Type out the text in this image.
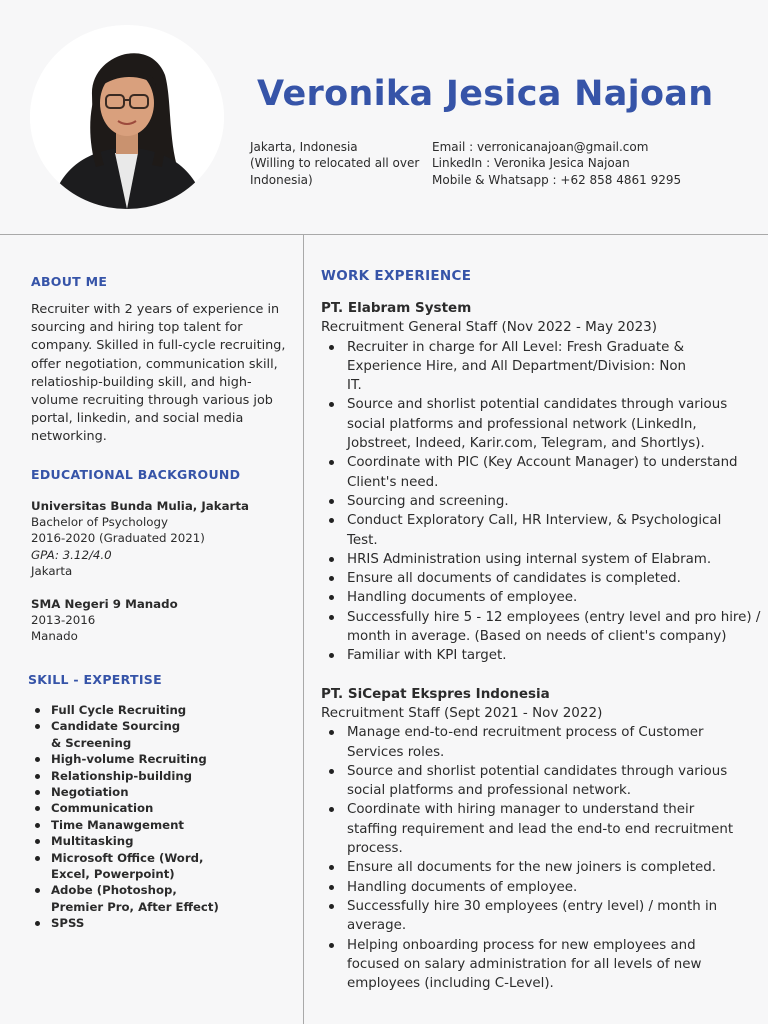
Veronika Jesica Najoan
Jakarta, Indonesia
(Willing to relocated all over
Indonesia)
Email : verronicanajoan@gmail.com
LinkedIn : Veronika Jesica Najoan
Mobile & Whatsapp : +62 858 4861 9295
ABOUT ME
Recruiter with 2 years of experience in sourcing and hiring top talent for company. Skilled in full-cycle recruiting, offer negotiation, communication skill, relatioship-building skill, and high-volume recruiting through various job portal, linkedin, and social media networking.
EDUCATIONAL BACKGROUND
Universitas Bunda Mulia, Jakarta
Bachelor of Psychology
2016-2020 (Graduated 2021)
GPA: 3.12/4.0
Jakarta
SMA Negeri 9 Manado
2013-2016
Manado
SKILL - EXPERTISE
Full Cycle Recruiting
Candidate Sourcing & Screening
High-volume Recruiting
Relationship-building
Negotiation
Communication
Time Manawgement
Multitasking
Microsoft Office (Word, Excel, Powerpoint)
Adobe (Photoshop, Premier Pro, After Effect)
SPSS
WORK EXPERIENCE
PT. Elabram System
Recruitment General Staff (Nov 2022 - May 2023)
Recruiter in charge for All Level: Fresh Graduate & Experience Hire, and All Department/Division: Non IT.
Source and shorlist potential candidates through various social platforms and professional network (LinkedIn, Jobstreet, Indeed, Karir.com, Telegram, and Shortlys).
Coordinate with PIC (Key Account Manager) to understand Client's need.
Sourcing and screening.
Conduct Exploratory Call, HR Interview, & Psychological Test.
HRIS Administration using internal system of Elabram.
Ensure all documents of candidates is completed.
Handling documents of employee.
Successfully hire 5 - 12 employees (entry level and pro hire) / month in average. (Based on needs of client's company)
Familiar with KPI target.
PT. SiCepat Ekspres Indonesia
Recruitment Staff (Sept 2021 - Nov 2022)
Manage end-to-end recruitment process of Customer Services roles.
Source and shorlist potential candidates through various social platforms and professional network.
Coordinate with hiring manager to understand their staffing requirement and lead the end-to end recruitment process.
Ensure all documents for the new joiners is completed.
Handling documents of employee.
Successfully hire 30 employees (entry level) / month in average.
Helping onboarding process for new employees and focused on salary administration for all levels of new employees (including C-Level).
